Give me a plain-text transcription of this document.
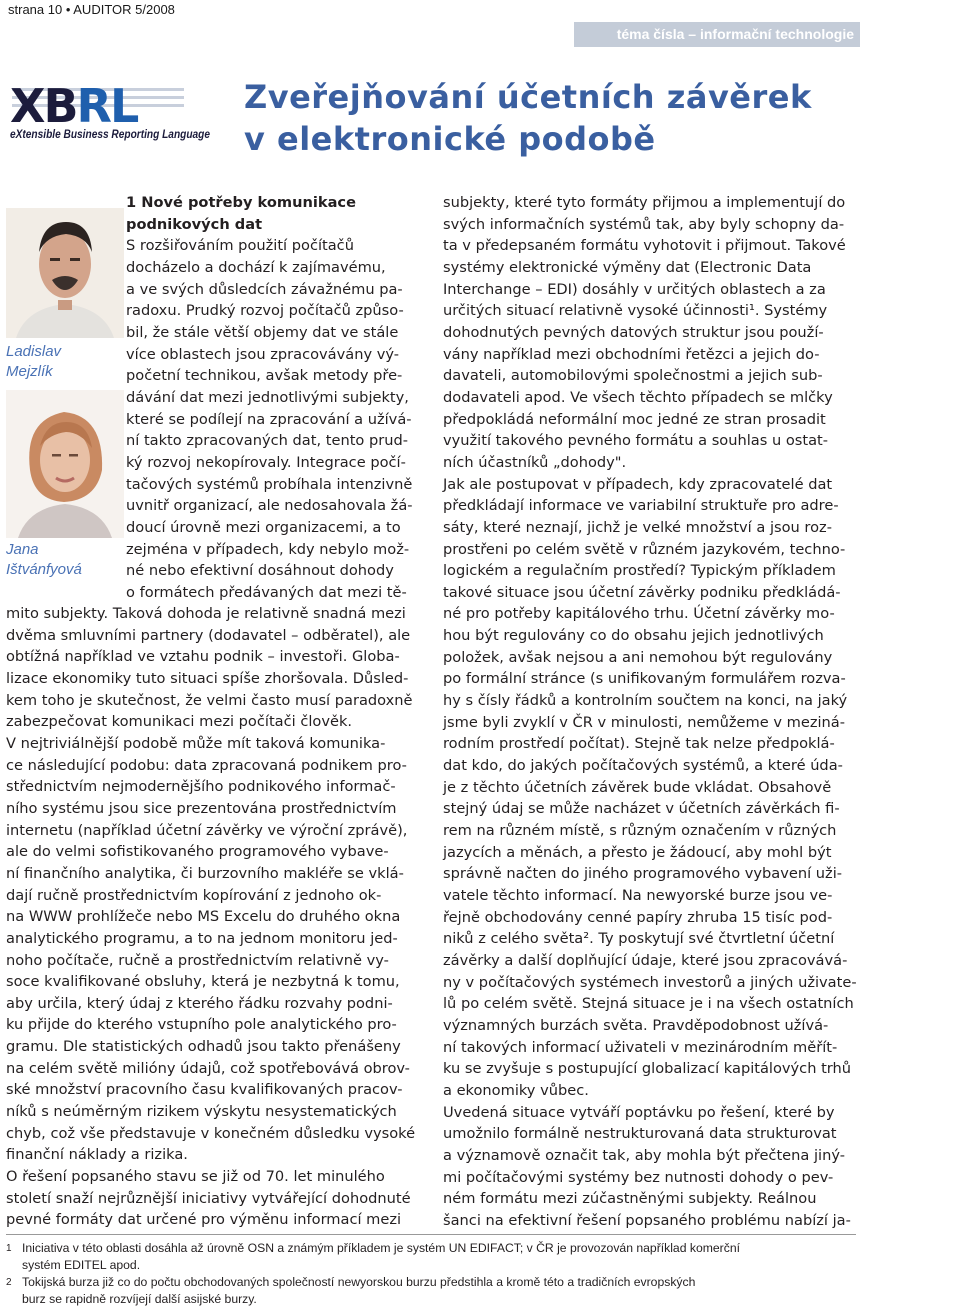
strana 10 • AUDITOR 5/2008
téma čísla – informační technologie
XBRL
eXtensible Business Reporting Language
Zveřejňování účetních závěrek
v elektronické podobě
Ladislav
Mejzlík
Jana
Ištvánfyová
1 Nové potřeby komunikace
podnikových dat
S rozšiřováním použití počítačů
docházelo a dochází k zajímavému,
a ve svých důsledcích závažnému pa-
radoxu. Prudký rozvoj počítačů způso-
bil, že stále větší objemy dat ve stále
více oblastech jsou zpracovávány vý-
početní technikou, avšak metody pře-
dávání dat mezi jednotlivými subjekty,
které se podílejí na zpracování a užívá-
ní takto zpracovaných dat, tento prud-
ký rozvoj nekopírovaly. Integrace počí-
tačových systémů probíhala intenzivně
uvnitř organizací, ale nedosahovala žá-
doucí úrovně mezi organizacemi, a to
zejména v případech, kdy nebylo mož-
né nebo efektivní dosáhnout dohody
o formátech předávaných dat mezi tě-
mito subjekty. Taková dohoda je relativně snadná mezi
dvěma smluvními partnery (dodavatel – odběratel), ale
obtížná například ve vztahu podnik – investoři. Globa-
lizace ekonomiky tuto situaci spíše zhoršovala. Důsled-
kem toho je skutečnost, že velmi často musí paradoxně
zabezpečovat komunikaci mezi počítači člověk.
V nejtriviálnější podobě může mít taková komunika-
ce následující podobu: data zpracovaná podnikem pro-
střednictvím nejmodernějšího podnikového informač-
ního systému jsou sice prezentována prostřednictvím
internetu (například účetní závěrky ve výroční zprávě),
ale do velmi sofistikovaného programového vybave-
ní finančního analytika, či burzovního makléře se vklá-
dají ručně prostřednictvím kopírování z jednoho ok-
na WWW prohlížeče nebo MS Excelu do druhého okna
analytického programu, a to na jednom monitoru jed-
noho počítače, ručně a prostřednictvím relativně vy-
soce kvalifikované obsluhy, která je nezbytná k tomu,
aby určila, který údaj z kterého řádku rozvahy podni-
ku přijde do kterého vstupního pole analytického pro-
gramu. Dle statistických odhadů jsou takto přenášeny
na celém světě milióny údajů, což spotřebovává obrov-
ské množství pracovního času kvalifikovaných pracov-
níků s neúměrným rizikem výskytu nesystematických
chyb, což vše představuje v konečném důsledku vysoké
finanční náklady a rizika.
O řešení popsaného stavu se již od 70. let minulého
století snaží nejrůznější iniciativy vytvářející dohodnuté
pevné formáty dat určené pro výměnu informací mezi
subjekty, které tyto formáty přijmou a implementují do
svých informačních systémů tak, aby byly schopny da-
ta v předepsaném formátu vyhotovit i přijmout. Takové
systémy elektronické výměny dat (Electronic Data
Interchange – EDI) dosáhly v určitých oblastech a za
určitých situací relativně vysoké účinnosti¹. Systémy
dohodnutých pevných datových struktur jsou použí-
vány například mezi obchodními řetězci a jejich do-
davateli, automobilovými společnostmi a jejich sub-
dodavateli apod. Ve všech těchto případech se mlčky
předpokládá neformální moc jedné ze stran prosadit
využití takového pevného formátu a souhlas u ostat-
ních účastníků „dohody".
Jak ale postupovat v případech, kdy zpracovatelé dat
předkládají informace ve variabilní struktuře pro adre-
sáty, které neznají, jichž je velké množství a jsou roz-
prostřeni po celém světě v různém jazykovém, techno-
logickém a regulačním prostředí? Typickým příkladem
takové situace jsou účetní závěrky podniku předkládá-
né pro potřeby kapitálového trhu. Účetní závěrky mo-
hou být regulovány co do obsahu jejich jednotlivých
položek, avšak nejsou a ani nemohou být regulovány
po formální stránce (s unifikovaným formulářem rozva-
hy s čísly řádků a kontrolním součtem na konci, na jaký
jsme byli zvyklí v ČR v minulosti, nemůžeme v meziná-
rodním prostředí počítat). Stejně tak nelze předpoklá-
dat kdo, do jakých počítačových systémů, a které úda-
je z těchto účetních závěrek bude vkládat. Obsahově
stejný údaj se může nacházet v účetních závěrkách fi-
rem na různém místě, s různým označením v různých
jazycích a měnách, a přesto je žádoucí, aby mohl být
správně načten do jiného programového vybavení uži-
vatele těchto informací. Na newyorské burze jsou ve-
řejně obchodovány cenné papíry zhruba 15 tisíc pod-
niků z celého světa². Ty poskytují své čtvrtletní účetní
závěrky a další doplňující údaje, které jsou zpracovává-
ny v počítačových systémech investorů a jiných uživate-
lů po celém světě. Stejná situace je i na všech ostatních
významných burzách světa. Pravděpodobnost užívá-
ní takových informací uživateli v mezinárodním měřít-
ku se zvyšuje s postupující globalizací kapitálových trhů
a ekonomiky vůbec.
Uvedená situace vytváří poptávku po řešení, které by
umožnilo formálně nestrukturovaná data strukturovat
a významově označit tak, aby mohla být přečtena jiný-
mi počítačovými systémy bez nutnosti dohody o pev-
ném formátu mezi zúčastněnými subjekty. Reálnou
šanci na efektivní řešení popsaného problému nabízí ja-
1 Iniciativa v této oblasti dosáhla až úrovně OSN a známým příkladem je systém UN EDIFACT; v ČR je provozován například komerční
systém EDITEL apod.
2 Tokijská burza již co do počtu obchodovaných společností newyorskou burzu předstihla a kromě této a tradičních evropských
burz se rapidně rozvíjejí další asijské burzy.
